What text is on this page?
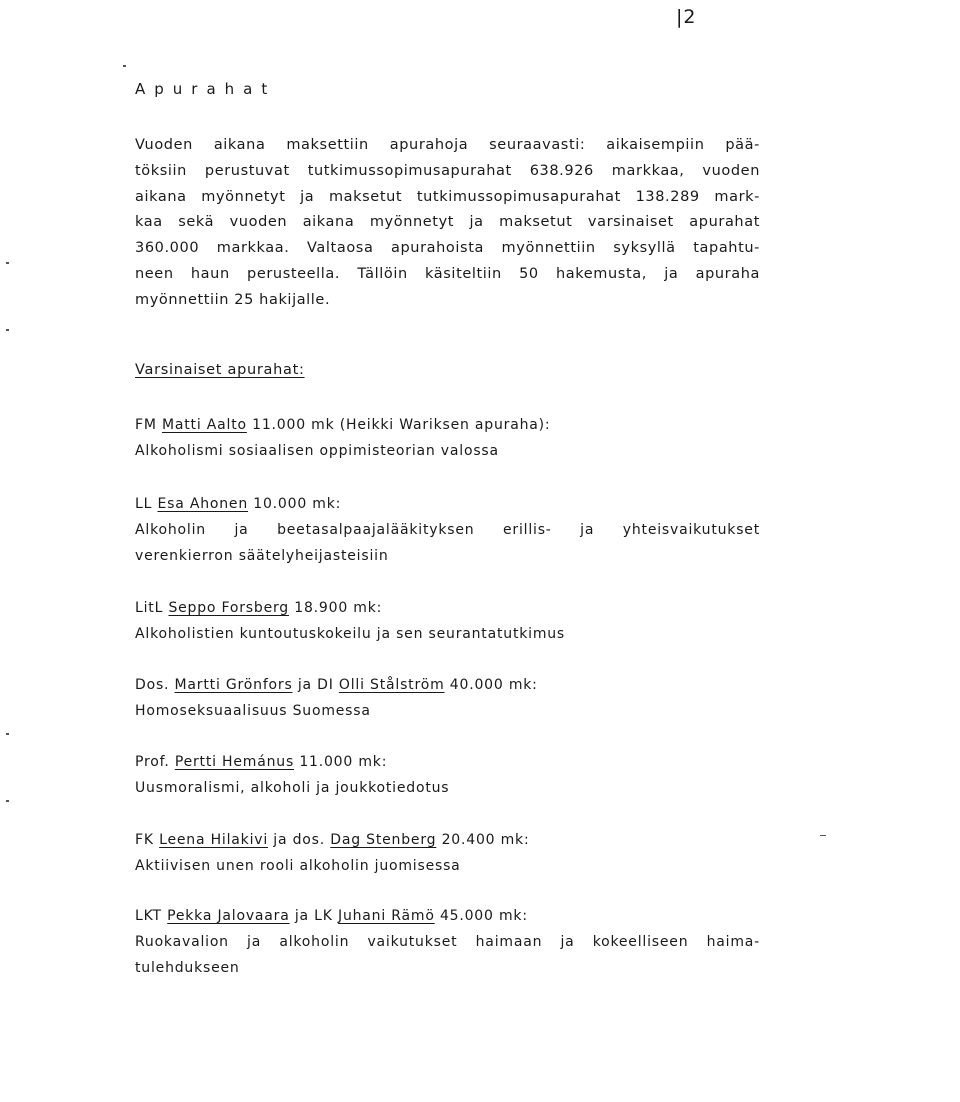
|2
Apurahat
Vuoden aikana maksettiin apurahoja seuraavasti: aikaisempiin pää-
töksiin perustuvat tutkimussopimusapurahat 638.926 markkaa, vuoden
aikana myönnetyt ja maksetut tutkimussopimusapurahat 138.289 mark-
kaa sekä vuoden aikana myönnetyt ja maksetut varsinaiset apurahat
360.000 markkaa. Valtaosa apurahoista myönnettiin syksyllä tapahtu-
neen haun perusteella. Tällöin käsiteltiin 50 hakemusta, ja apuraha
myönnettiin 25 hakijalle.
Varsinaiset apurahat:
FM Matti Aalto 11.000 mk (Heikki Wariksen apuraha):
Alkoholismi sosiaalisen oppimisteorian valossa
LL Esa Ahonen 10.000 mk:
Alkoholin ja beetasalpaajalääkityksen erillis- ja yhteisvaikutukset
verenkierron säätelyheijasteisiin
LitL Seppo Forsberg 18.900 mk:
Alkoholistien kuntoutuskokeilu ja sen seurantatutkimus
Dos. Martti Grönfors ja DI Olli Stålström 40.000 mk:
Homoseksuaalisuus Suomessa
Prof. Pertti Hemánus 11.000 mk:
Uusmoralismi, alkoholi ja joukkotiedotus
FK Leena Hilakivi ja dos. Dag Stenberg 20.400 mk:
Aktiivisen unen rooli alkoholin juomisessa
LKT Pekka Jalovaara ja LK Juhani Rämö 45.000 mk:
Ruokavalion ja alkoholin vaikutukset haimaan ja kokeelliseen haima-
tulehdukseen
